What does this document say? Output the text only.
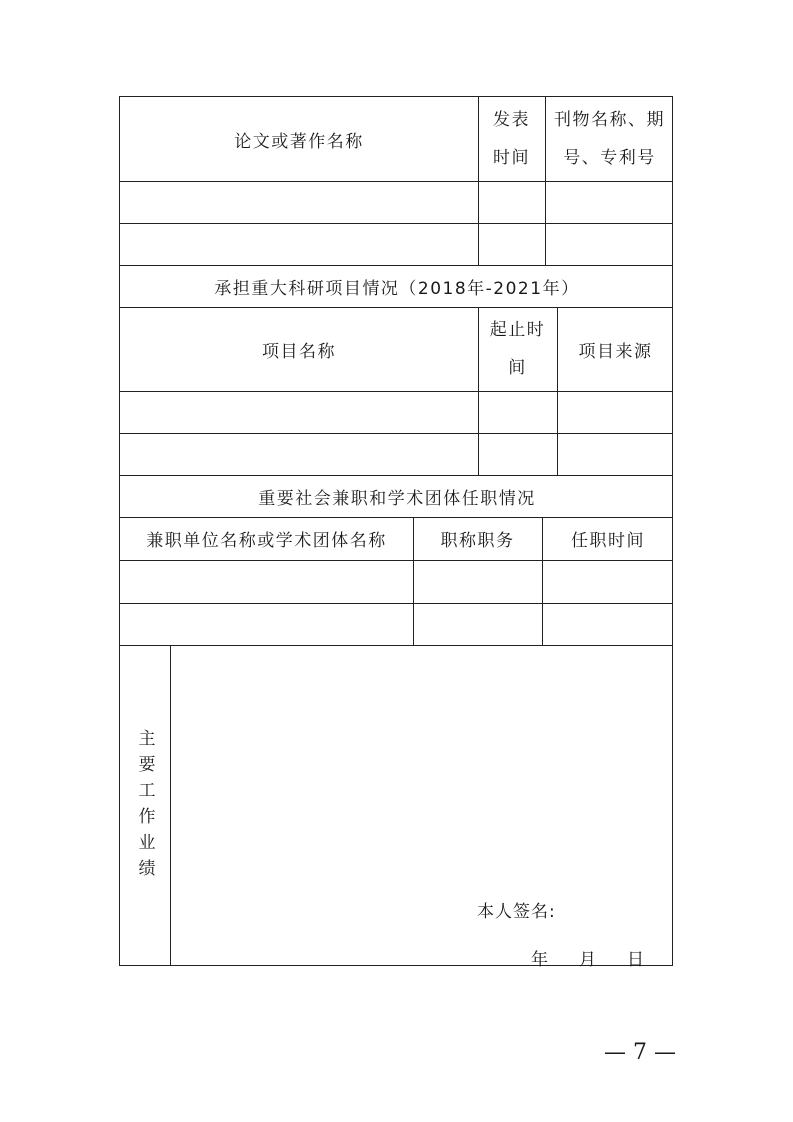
论文或著作名称
发表
时间
刊物名称、期
号、专利号
承担重大科研项目情况（2018年-2021年）
项目名称
起止时
间
项目来源
重要社会兼职和学术团体任职情况
兼职单位名称或学术团体名称	职称职务	任职时间
主要工作业绩
本人签名:
年 月 日
— 7 —
